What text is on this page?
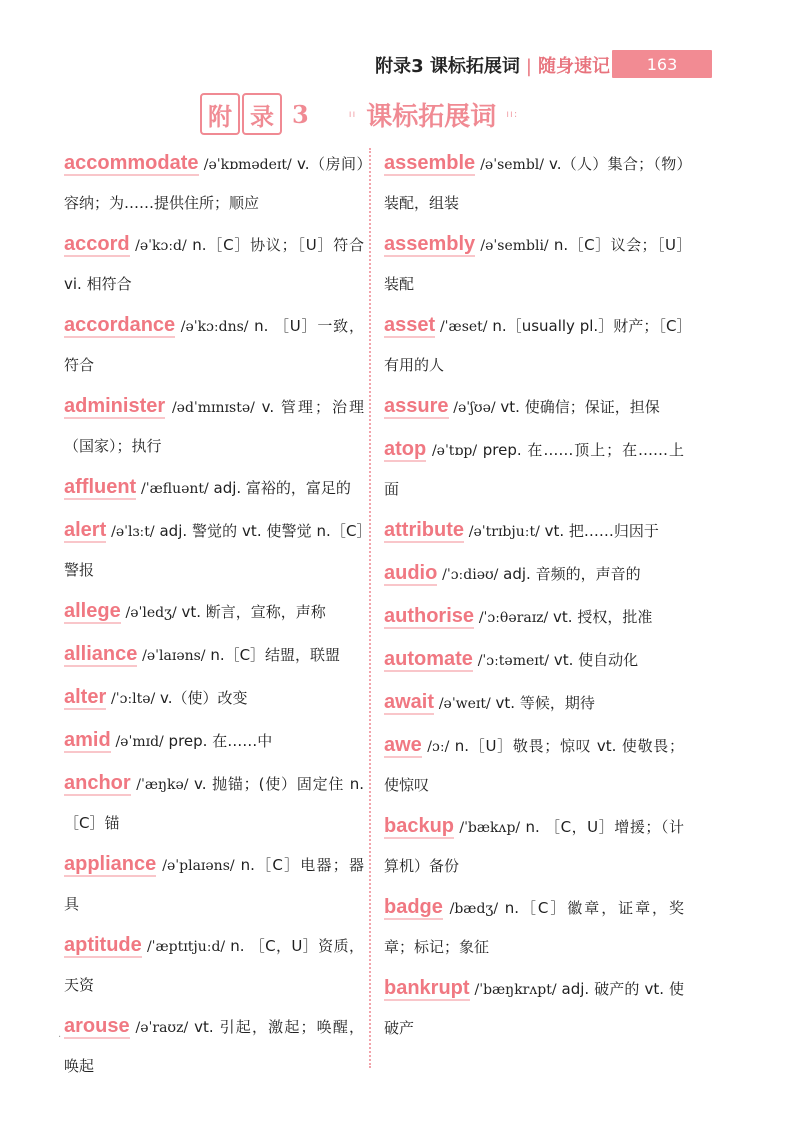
附录3 课标拓展词 | 随身速记	163
附 录 3	ıı 课标拓展词 ıı:
accommodate /əˈkɒmədeɪt/ v.（房间）容纳；为……提供住所；顺应
accord /əˈkɔːd/ n.［C］协议；［U］符合 vi. 相符合
accordance /əˈkɔːdns/ n. ［U］一致，符合
administer /ədˈmɪnɪstə/ v. 管理；治理（国家）；执行
affluent /ˈæfluənt/ adj. 富裕的，富足的
alert /əˈlɜːt/ adj. 警觉的 vt. 使警觉 n.［C］警报
allege /əˈledʒ/ vt. 断言，宣称，声称
alliance /əˈlaɪəns/ n.［C］结盟，联盟
alter /ˈɔːltə/ v.（使）改变
amid /əˈmɪd/ prep. 在……中
anchor /ˈæŋkə/ v. 抛锚；(使）固定住 n.［C］锚
appliance /əˈplaɪəns/ n.［C］电器；器具
aptitude /ˈæptɪtjuːd/ n. ［C，U］资质，天资
arouse /əˈraʊz/ vt. 引起，激起；唤醒，唤起
assemble /əˈsembl/ v.（人）集合；（物）装配，组装
assembly /əˈsembli/ n.［C］议会；［U］装配
asset /ˈæset/ n.［usually pl.］财产；［C］有用的人
assure /əˈʃʊə/ vt. 使确信；保证，担保
atop /əˈtɒp/ prep. 在……顶上；在……上面
attribute /əˈtrɪbjuːt/ vt. 把……归因于
audio /ˈɔːdiəʊ/ adj. 音频的，声音的
authorise /ˈɔːθəraɪz/ vt. 授权，批准
automate /ˈɔːtəmeɪt/ vt. 使自动化
await /əˈweɪt/ vt. 等候，期待
awe /ɔː/ n.［U］敬畏；惊叹 vt. 使敬畏；使惊叹
backup /ˈbækʌp/ n. ［C，U］增援；（计算机）备份
badge /bædʒ/ n.［C］徽章，证章，奖章；标记；象征
bankrupt /ˈbæŋkrʌpt/ adj. 破产的 vt. 使破产
·
